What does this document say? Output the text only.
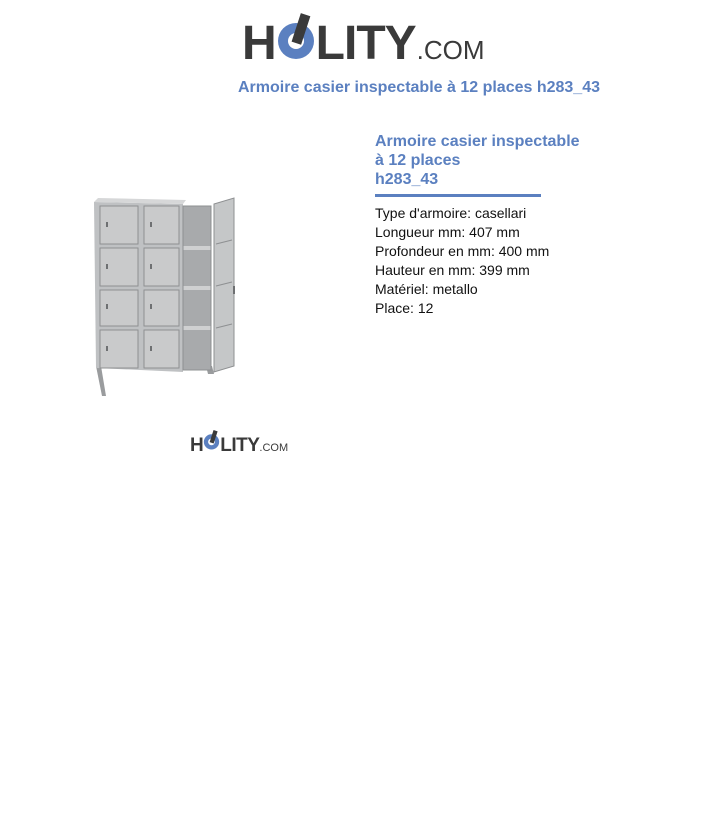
H LITY .COM
Armoire casier inspectable à 12 places h283_43
H LITY .COM
Armoire casier inspectable
à 12 places
h283_43
Type d'armoire: casellari
Longueur mm: 407 mm
Profondeur en mm: 400 mm
Hauteur en mm: 399 mm
Matériel: metallo
Place: 12
